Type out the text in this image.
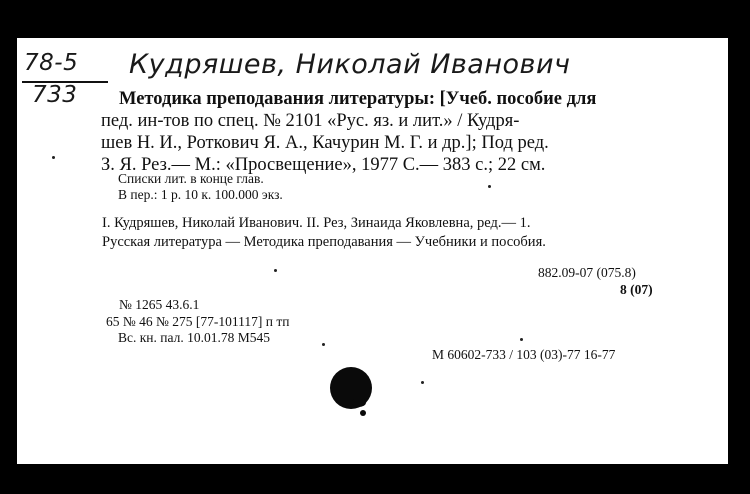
78-5
733
Кудряшев, Николай Иванович
Методика преподавания литературы: [Учеб. пособие для
пед. ин-тов по спец. № 2101 «Рус. яз. и лит.» / Кудря-
шев Н. И., Роткович Я. А., Качурин М. Г. и др.]; Под ред.
З. Я. Рез.— М.: «Просвещение», 1977 С.— 383 с.; 22 см.
Списки лит. в конце глав.
В пер.: 1 р. 10 к. 100.000 экз.
I. Кудряшев, Николай Иванович. II. Рез, Зинаида Яковлевна, ред.— 1.
Русская литература — Методика преподавания — Учебники и пособия.
882.09-07 (075.8)
8 (07)
№ 1265 43.6.1
65 № 46 № 275 [77-101117] п тп
Вс. кн. пал. 10.01.78 М545
М 60602-733 / 103 (03)-77 16-77
